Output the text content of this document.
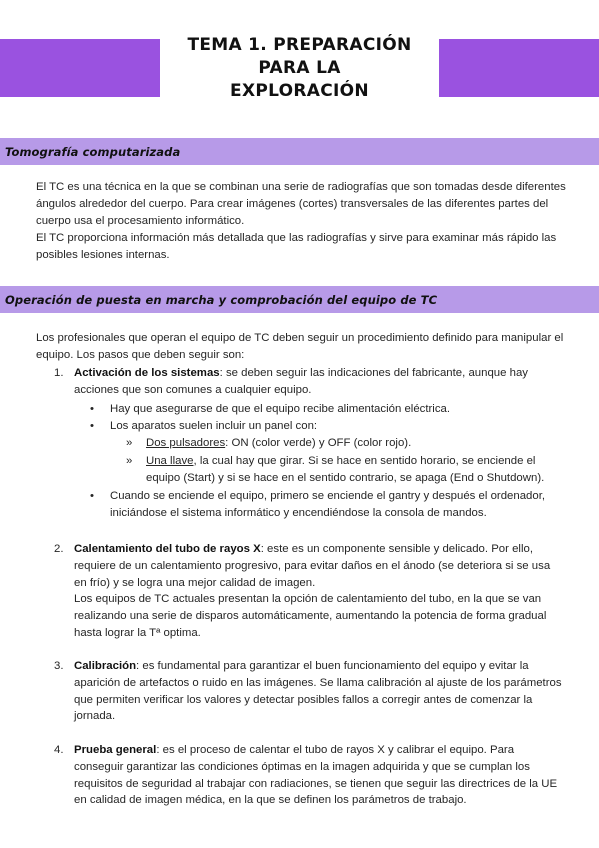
TEMA 1. PREPARACIÓN PARA LA
EXPLORACIÓN
Tomografía computarizada
El TC es una técnica en la que se combinan una serie de radiografías que son tomadas desde diferentes ángulos alrededor del cuerpo. Para crear imágenes (cortes) transversales de las diferentes partes del cuerpo usa el procesamiento informático.
El TC proporciona información más detallada que las radiografías y sirve para examinar más rápido las posibles lesiones internas.
Operación de puesta en marcha y comprobación del equipo de TC
Los profesionales que operan el equipo de TC deben seguir un procedimiento definido para manipular el equipo. Los pasos que deben seguir son:
1. Activación de los sistemas: se deben seguir las indicaciones del fabricante, aunque hay acciones que son comunes a cualquier equipo.
• Hay que asegurarse de que el equipo recibe alimentación eléctrica.
• Los aparatos suelen incluir un panel con:
» Dos pulsadores: ON (color verde) y OFF (color rojo).
» Una llave, la cual hay que girar. Si se hace en sentido horario, se enciende el equipo (Start) y si se hace en el sentido contrario, se apaga (End o Shutdown).
• Cuando se enciende el equipo, primero se enciende el gantry y después el ordenador, iniciándose el sistema informático y encendiéndose la consola de mandos.
2. Calentamiento del tubo de rayos X: este es un componente sensible y delicado. Por ello, requiere de un calentamiento progresivo, para evitar daños en el ánodo (se deteriora si se usa en frío) y se logra una mejor calidad de imagen.
Los equipos de TC actuales presentan la opción de calentamiento del tubo, en la que se van realizando una serie de disparos automáticamente, aumentando la potencia de forma gradual hasta lograr la Tª optima.
3. Calibración: es fundamental para garantizar el buen funcionamiento del equipo y evitar la aparición de artefactos o ruido en las imágenes. Se llama calibración al ajuste de los parámetros que permiten verificar los valores y detectar posibles fallos a corregir antes de comenzar la jornada.
4. Prueba general: es el proceso de calentar el tubo de rayos X y calibrar el equipo. Para conseguir garantizar las condiciones óptimas en la imagen adquirida y que se cumplan los requisitos de seguridad al trabajar con radiaciones, se tienen que seguir las directrices de la UE en calidad de imagen médica, en la que se definen los parámetros de trabajo.
